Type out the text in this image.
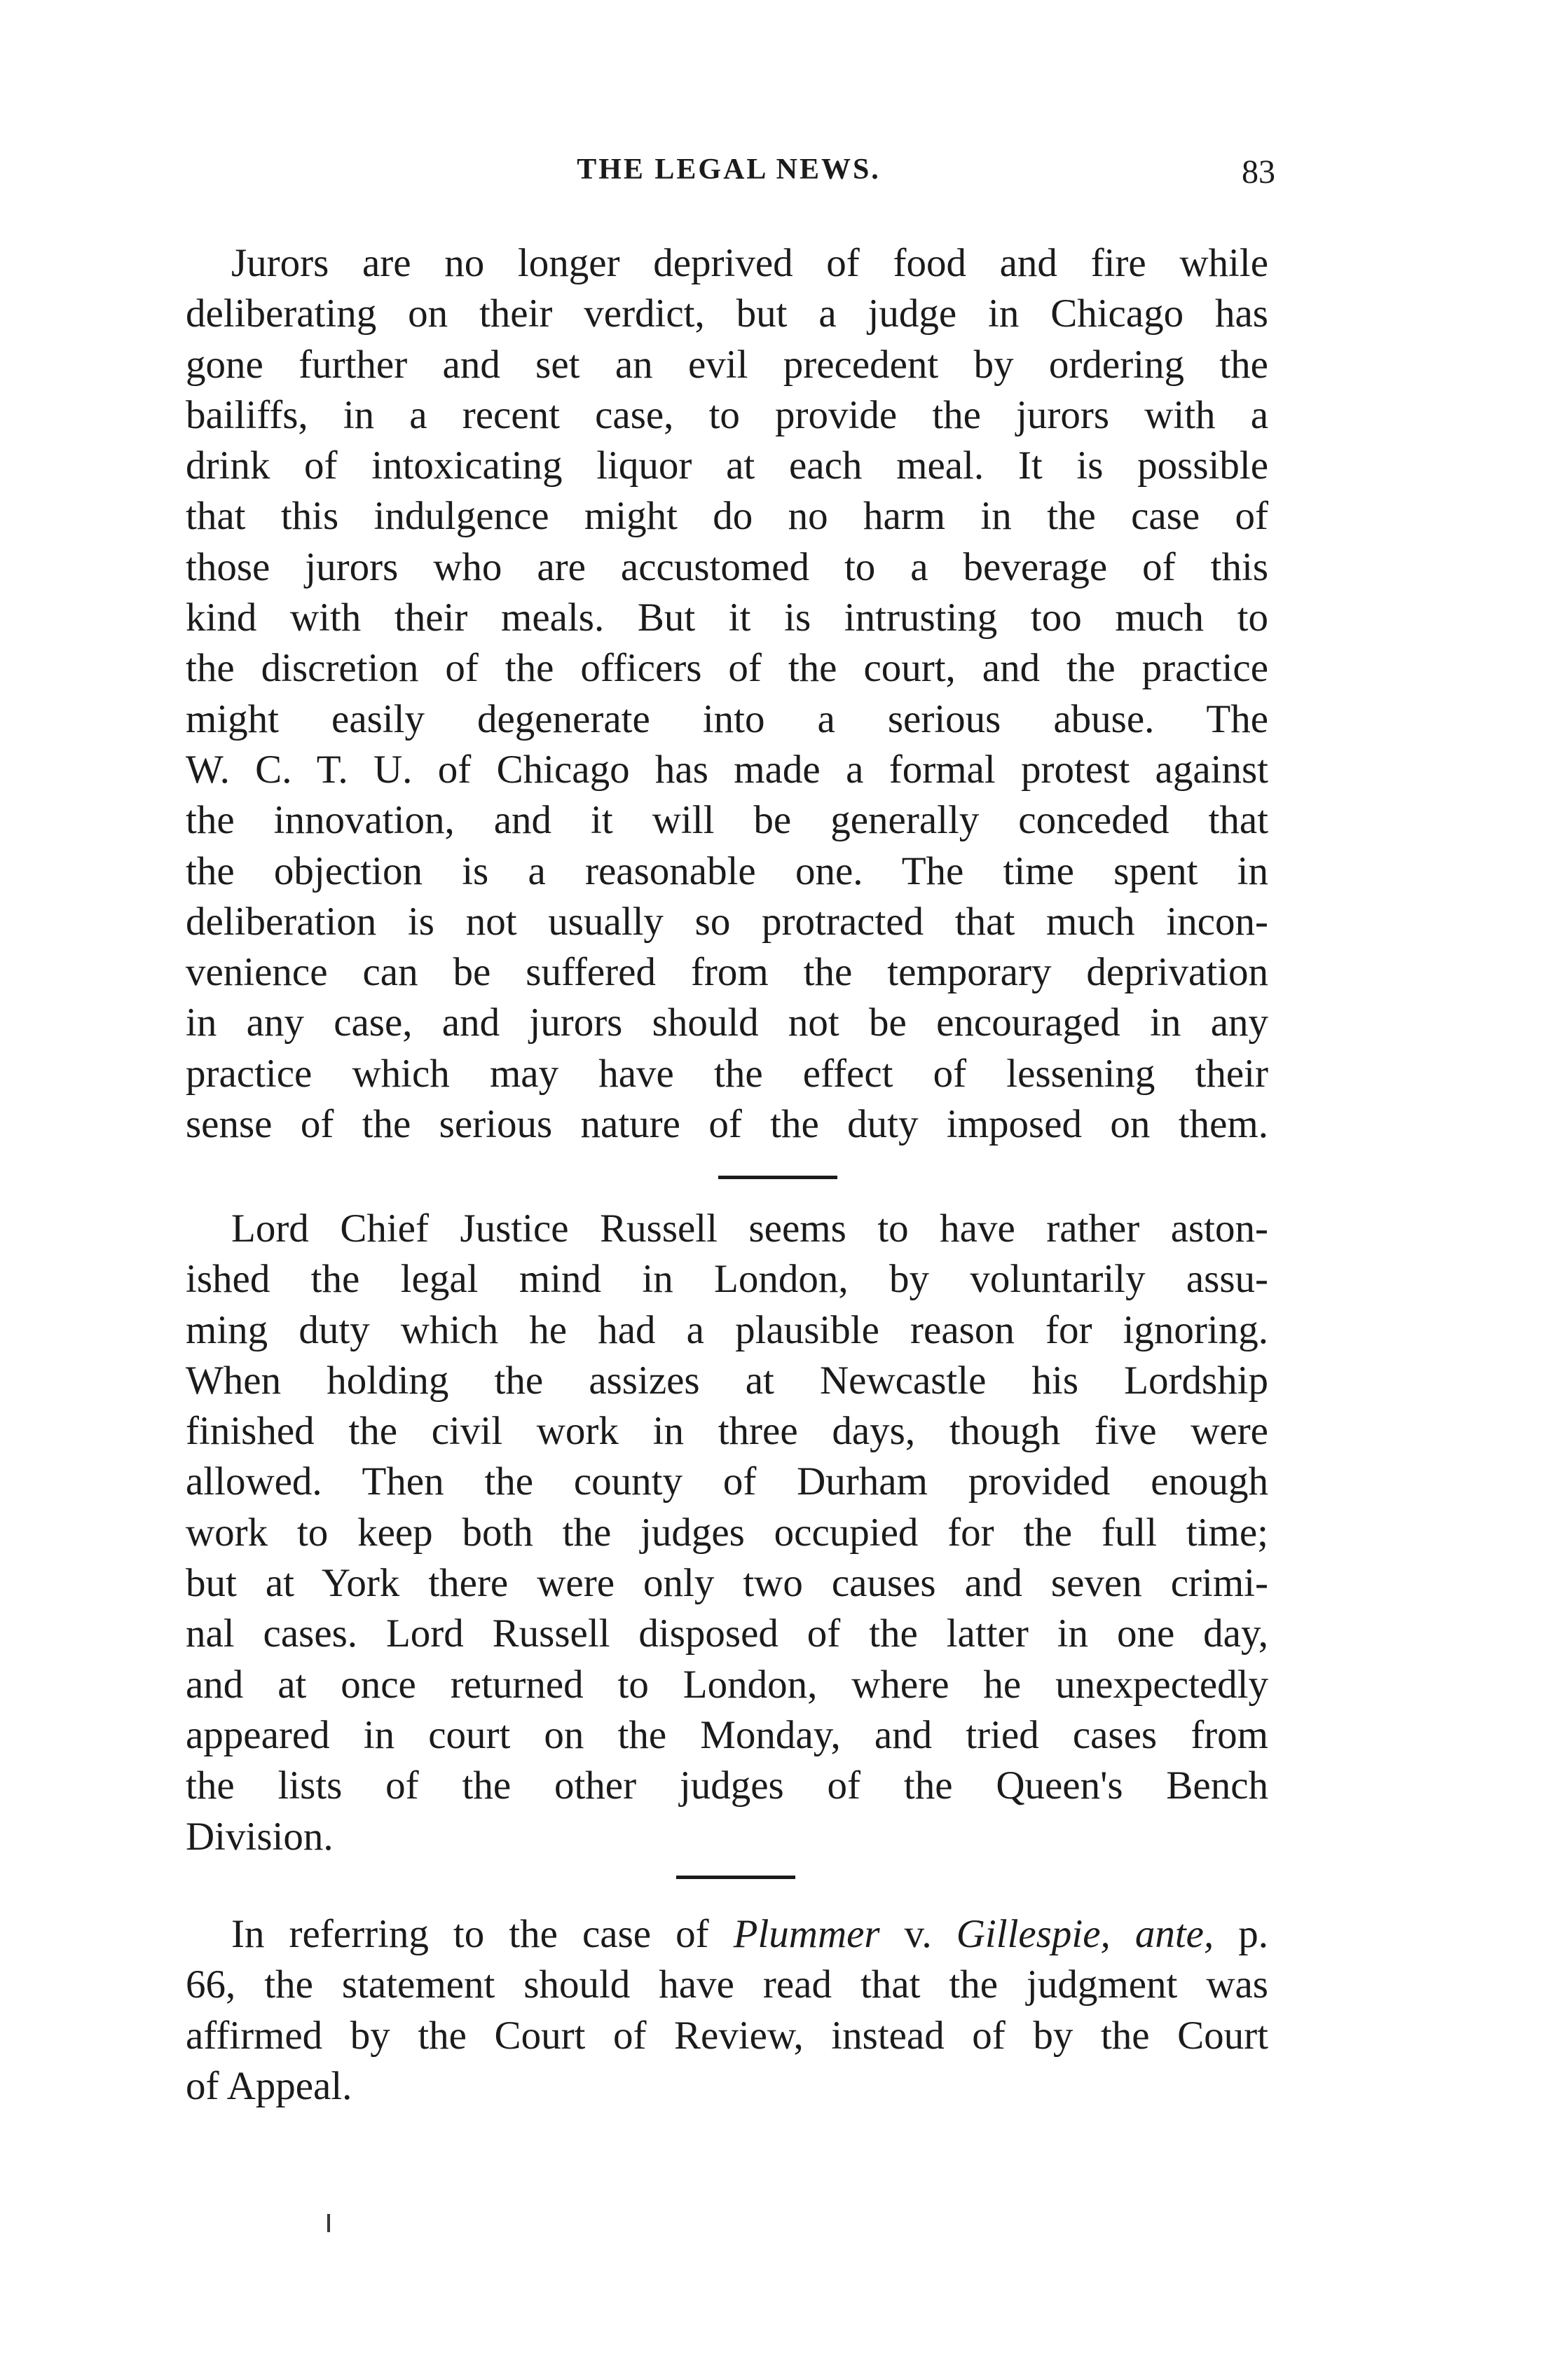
THE LEGAL NEWS.	83

Jurors are no longer deprived of food and fire while
deliberating on their verdict, but a judge in Chicago has
gone further and set an evil precedent by ordering the
bailiffs, in a recent case, to provide the jurors with a
drink of intoxicating liquor at each meal. It is possible
that this indulgence might do no harm in the case of
those jurors who are accustomed to a beverage of this
kind with their meals. But it is intrusting too much to
the discretion of the officers of the court, and the practice
might easily degenerate into a serious abuse. The
W. C. T. U. of Chicago has made a formal protest against
the innovation, and it will be generally conceded that
the objection is a reasonable one. The time spent in
deliberation is not usually so protracted that much incon-
venience can be suffered from the temporary deprivation
in any case, and jurors should not be encouraged in any
practice which may have the effect of lessening their
sense of the serious nature of the duty imposed on them.

Lord Chief Justice Russell seems to have rather aston-
ished the legal mind in London, by voluntarily assu-
ming duty which he had a plausible reason for ignoring.
When holding the assizes at Newcastle his Lordship
finished the civil work in three days, though five were
allowed. Then the county of Durham provided enough
work to keep both the judges occupied for the full time;
but at York there were only two causes and seven crimi-
nal cases. Lord Russell disposed of the latter in one day,
and at once returned to London, where he unexpectedly
appeared in court on the Monday, and tried cases from
the lists of the other judges of the Queen's Bench
Division.

In referring to the case of Plummer v. Gillespie, ante, p.
66, the statement should have read that the judgment was
affirmed by the Court of Review, instead of by the Court
of Appeal.
